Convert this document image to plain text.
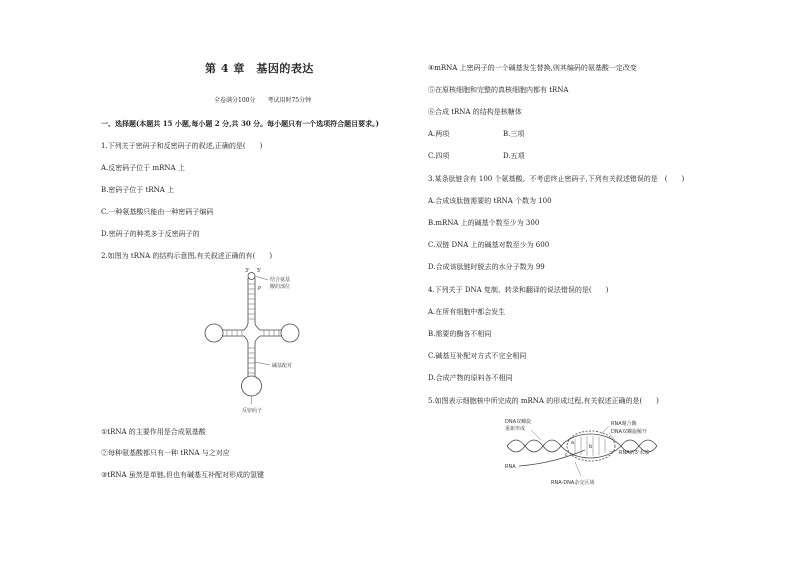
第 4 章　基因的表达
全卷满分100分　　考试用时75分钟
一、选择题(本题共 15 小题,每小题 2 分,共 30 分。每小题只有一个选项符合题目要求。)
1.下列关于密码子和反密码子的叙述,正确的是(　　)
A.反密码子位于 mRNA 上
B.密码子位于 tRNA 上
C.一种氨基酸只能由一种密码子编码
D.密码子的种类多于反密码子的
2.如图为 tRNA 的结构示意图,有关叙述正确的有(　　)
3' 5'
P
结合氨基
酸的部位
碱基配对
反密码子
①tRNA 的主要作用是合成氨基酸
②每种氨基酸都只有一种 tRNA 与之对应
③tRNA 虽然是单链,但也有碱基互补配对形成的氢键
④mRNA 上密码子的一个碱基发生替换,则其编码的氨基酸一定改变
⑤在原核细胞和完整的真核细胞内都有 tRNA
⑥合成 tRNA 的结构是核糖体
A.两项	B.三项
C.四项	D.五项
3.某条肽链含有 100 个氨基酸。不考虑终止密码子,下列有关叙述错误的是　(　　)
A.合成该肽链需要的 tRNA 个数为 100
B.mRNA 上的碱基个数至少为 300
C.双链 DNA 上的碱基对数至少为 600
D.合成该肽链时脱去的水分子数为 99
4.下列关于 DNA 复制、转录和翻译的说法错误的是(　　)
A.在所有细胞中都会发生
B.需要的酶各不相同
C.碱基互补配对方式不完全相同
D.合成产物的原料各不相同
5.如图表示细胞核中所完成的 mRNA 的形成过程,有关叙述正确的是(　　)
DNA双螺旋
重新形成
RNA聚合酶
DNA双螺旋解开
RNA
RNA的3'末端
RNA-DNA杂交区域
a
b
c
